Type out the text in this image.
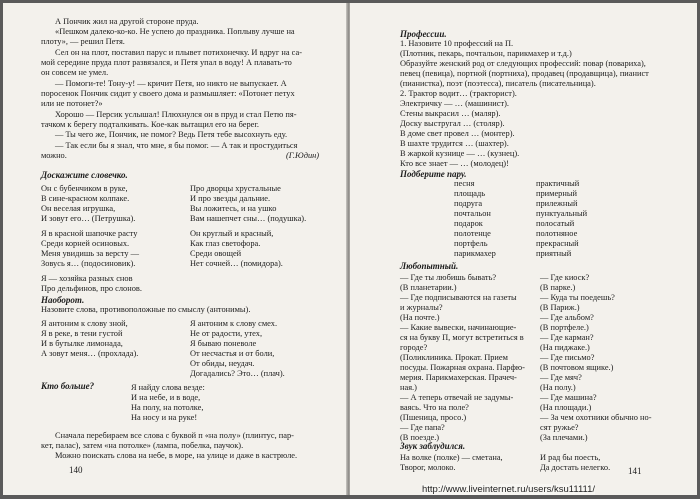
А Пончик жил на другой стороне пруда.
«Пешком далеко-ко-ко. Не успею до праздника. Поплыву лучше на
плоту», — решил Петя.
Сел он на плот, поставил парус и плывет потихонечку. И вдруг на са-
мой середине пруда плот развязался, и Петя упал в воду! А плавать-то
он совсем не умел.
— Помоги-те! Тону-у! — кричит Петя, но никто не выпускает. А
поросенок Пончик сидит у своего дома и размышляет: «Потонет петух
или не потонет?»
Хорошо — Персик услышал! Плюхнулся он в пруд и стал Петю пя-
тачком к берегу подталкивать. Кое-как вытащил его на берег.
— Ты чего же, Пончик, не помог? Ведь Петя тебе высохнуть еду.
— Так если бы я знал, что мне, я бы помог. — А так и простудиться
можно.	(Г.Юдин)
Доскажите словечко.
Он с бубенчиком в руке,
В сине-красном колпаке.
Он веселая игрушка,
И зовут его… (Петрушка).
Я в красной шапочке расту
Среди корней осиновых.
Меня увидишь за версту —
Зовусь я… (подосиновик).
Я — хозяйка разных снов
Про дельфинов, про слонов.
Про дворцы хрустальные
И про звезды дальние.
Вы ложитесь, и на ушко
Вам нашепчет сны… (подушка).
Он круглый и красный,
Как глаз светофора.
Среди овощей
Нет сочней… (помидора).
Наоборот.
Назовите слова, противоположные по смыслу (антонимы).
Я антоним к слову зной,
Я в реке, в тени густой
И в бутылке лимонада,
А зовут меня… (прохлада).
Я антоним к слову смех.
Не от радости, утех,
Я бываю поневоле
От несчастья и от боли,
От обиды, неудач.
Догадались? Это… (плач).
Кто больше?	Я найду слова везде:
И на небе, и в воде,
На полу, на потолке,
На носу и на руке!
Сначала перебираем все слова с буквой п «на полу» (плинтус, пар-
кет, палас), затем «на потолке» (лампа, побелка, паучок).
Можно поискать слова на небе, в море, на улице и даже в кастрюле.
140
Профессии.
1. Назовите 10 профессий на П.
(Плотник, пекарь, почтальон, парикмахер и т.д.)
Образуйте женский род от следующих профессий: повар (повариха),
певец (певица), портной (портниха), продавец (продавщица), пианист
(пианистка), поэт (поэтесса), писатель (писательница).
2. Трактор водит… (тракторист).
Электричку — … (машинист).
Стены выкрасил … (маляр).
Доску выстругал … (столяр).
В доме свет провел … (монтер).
В шахте трудится … (шахтер).
В жаркой кузнице — … (кузнец).
Кто все знает — … (молодец)!
Подберите пару.
песня
площадь
подруга
почтальон
подарок
полотенце
портфель
парикмахер
практичный
примерный
прилежный
пунктуальный
полосатый
полотняное
прекрасный
приятный
Любопытный.
— Где ты любишь бывать?
(В планетарии.)
— Где подписываются на газеты
и журналы?
(На почте.)
— Какие вывески, начинающие-
ся на букву П, могут встретиться в
городе?
(Поликлиника. Прокат. Прием
посуды. Пожарная охрана. Парфю-
мерия. Парикмахерская. Прачеч-
ная.)
— А теперь отвечай не задумы-
ваясь. Что на поле?
(Пшеница, просо.)
— Где папа?
(В поезде.)
— Где киоск?
(В парке.)
— Куда ты поедешь?
(В Париж.)
— Где альбом?
(В портфеле.)
— Где карман?
(На пиджаке.)
— Где письмо?
(В почтовом ящике.)
— Где мяч?
(На полу.)
— Где машина?
(На площади.)
— За чем охотники обычно но-
сят ружье?
(За плечами.)
Звук заблудился.
На волке (полке) — сметана,
Творог, молоко.
И рад бы поесть,
Да достать нелегко. 141
http://www.liveinternet.ru/users/ksu11111/
